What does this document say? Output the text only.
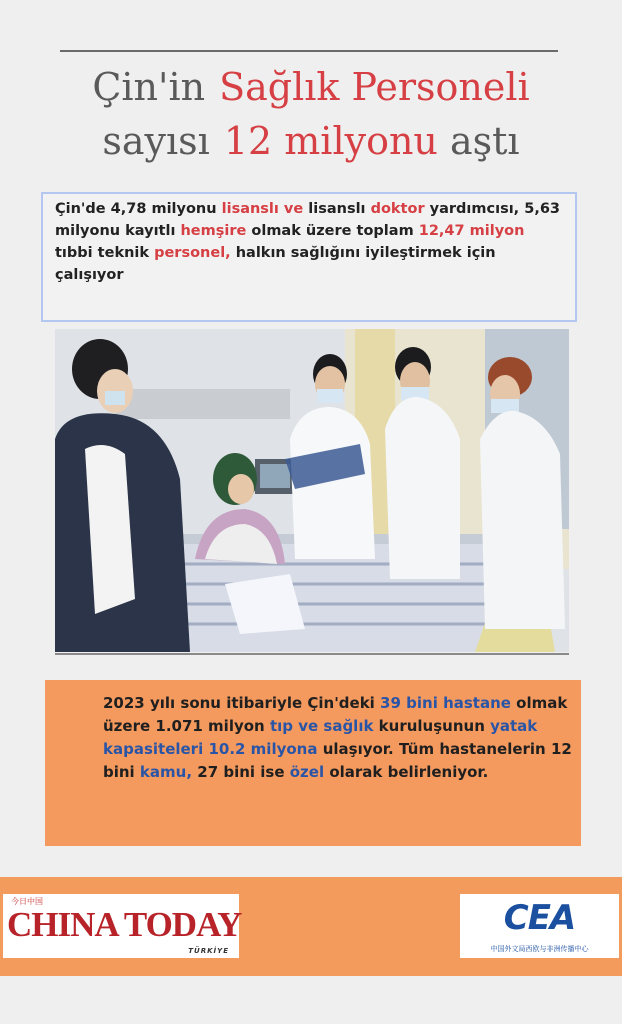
Çin'in Sağlık Personeli
sayısı 12 milyonu aştı

Çin'de 4,78 milyonu lisanslı ve lisanslı doktor yardımcısı, 5,63 milyonu kayıtlı hemşire olmak üzere toplam 12,47 milyon tıbbi teknik personel, halkın sağlığını iyileştirmek için çalışıyor

2023 yılı sonu itibariyle Çin'deki 39 bini hastane olmak üzere 1.071 milyon tıp ve sağlık kuruluşunun yatak kapasiteleri 10.2 milyona ulaşıyor. Tüm hastanelerin 12 bini kamu, 27 bini ise özel olarak belirleniyor.

今日中国
CHINA TODAY
TÜRKİYE
CEA
中国外文局西欧与非洲传播中心
